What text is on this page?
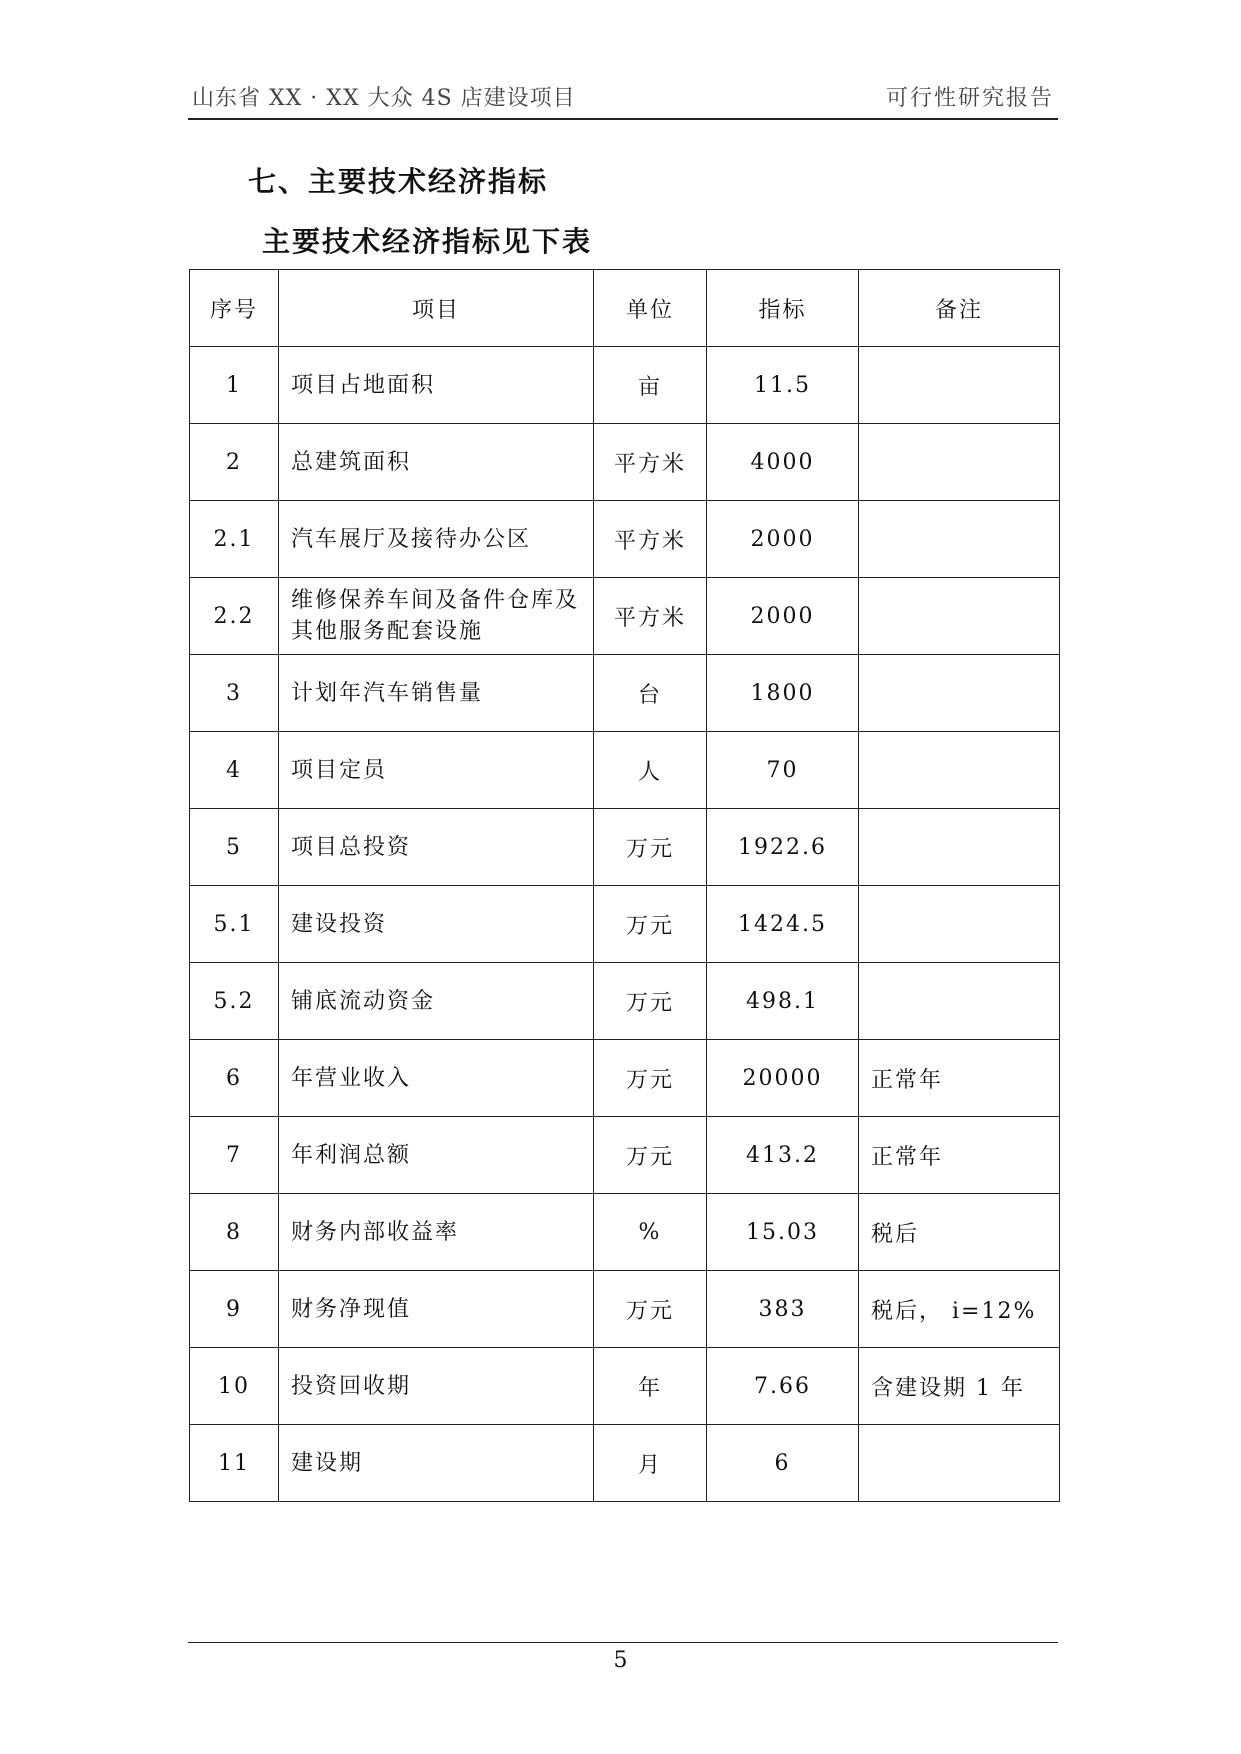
山东省 XX · XX 大众 4S 店建设项目	可行性研究报告
七、主要技术经济指标
主要技术经济指标见下表
序号	项目	单位	指标	备注
1	项目占地面积	亩	11.5	
2	总建筑面积	平方米	4000	
2.1	汽车展厅及接待办公区	平方米	2000	
2.2	维修保养车间及备件仓库及其他服务配套设施	平方米	2000	
3	计划年汽车销售量	台	1800	
4	项目定员	人	70	
5	项目总投资	万元	1922.6	
5.1	建设投资	万元	1424.5	
5.2	铺底流动资金	万元	498.1	
6	年营业收入	万元	20000	正常年
7	年利润总额	万元	413.2	正常年
8	财务内部收益率	%	15.03	税后
9	财务净现值	万元	383	税后， i=12%
10	投资回收期	年	7.66	含建设期 1 年
11	建设期	月	6	
5
